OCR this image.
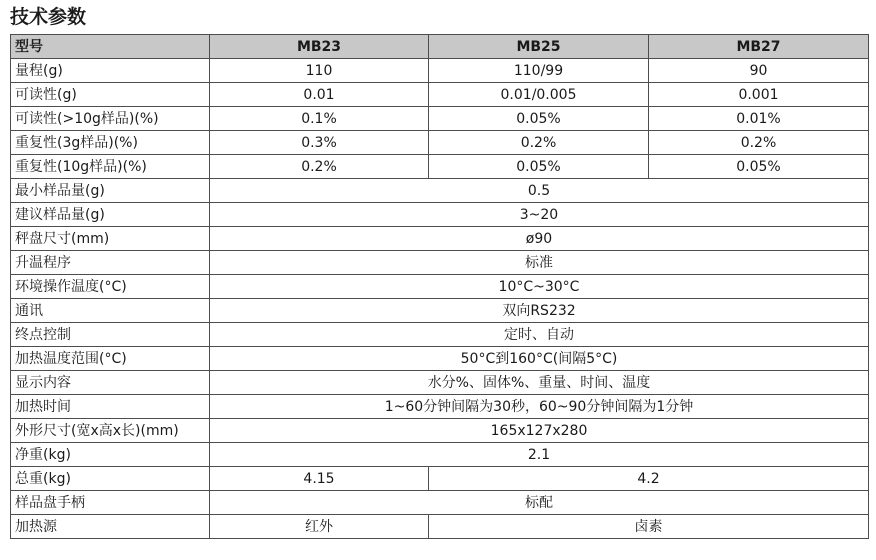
技术参数
型号	MB23	MB25	MB27
量程(g)	110	110/99	90
可读性(g)	0.01	0.01/0.005	0.001
可读性(>10g样品)(%)	0.1%	0.05%	0.01%
重复性(3g样品)(%)	0.3%	0.2%	0.2%
重复性(10g样品)(%)	0.2%	0.05%	0.05%
最小样品量(g)	0.5		
建议样品量(g)	3~20		
秤盘尺寸(mm)	ø90		
升温程序	标准		
环境操作温度(°C)	10°C~30°C		
通讯	双向RS232		
终点控制	定时、自动		
加热温度范围(°C)	50°C到160°C(间隔5°C)		
显示内容	水分%、固体%、重量、时间、温度		
加热时间	1~60分钟间隔为30秒，60~90分钟间隔为1分钟		
外形尺寸(宽x高x长)(mm)	165x127x280		
净重(kg)	2.1		
总重(kg)	4.15	4.2	
样品盘手柄	标配		
加热源	红外	卤素	
